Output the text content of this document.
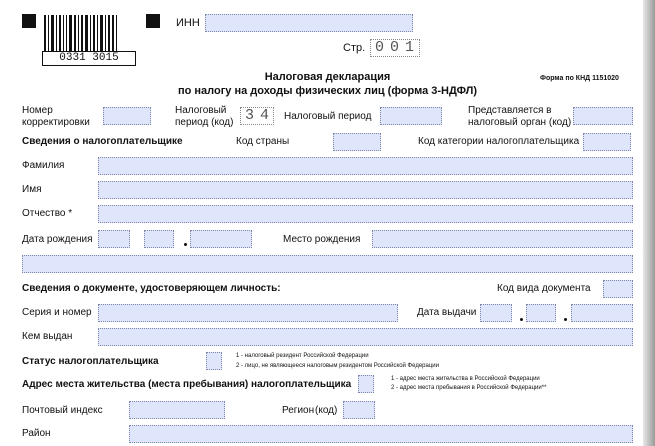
0331 3015
ИНН
Стр. 001
Налоговая декларация
по налогу на доходы физических лиц (форма 3-НДФЛ)
Форма по КНД 1151020
Номер
корректировки
Налоговый
период (код) 34 Налоговый период
Представляется в
налоговый орган (код)
Сведения о налогоплательщике	Код страны	Код категории налогоплательщика
Фамилия
Имя
Отчество *
Дата рождения	Место рождения
Сведения о документе, удостоверяющем личность:	Код вида документа
Серия и номер	Дата выдачи
Кем выдан
Статус налогоплательщика	1 - налоговый резидент Российской Федерации
2 - лицо, не являющееся налоговым резидентом Российской Федерации
Адрес места жительства (места пребывания) налогоплательщика	1 - адрес места жительства в Российской Федерации
2 - адрес места пребывания в Российской Федерации**
Почтовый индекс	Регион (код)
Район
